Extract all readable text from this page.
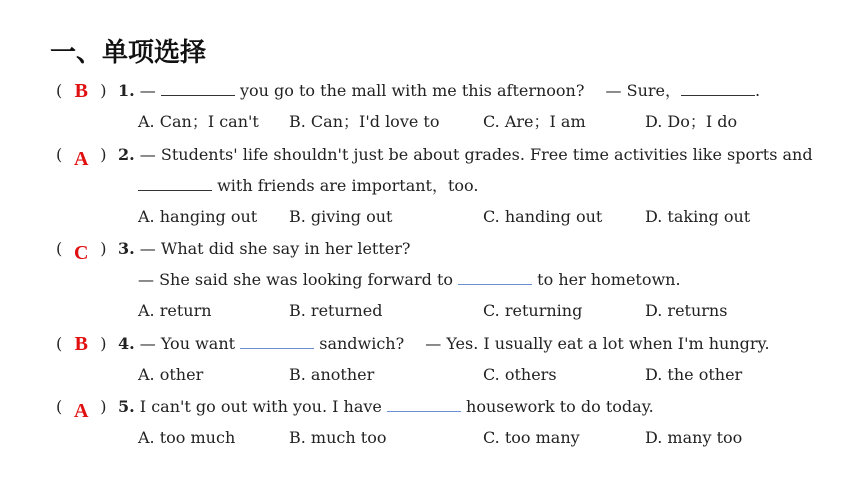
一、单项选择
( B ) 1. —	you go to the mall with me this afternoon?　 — Sure，	.
A. Can；I can't B. Can；I'd love to	C. Are；I am	D. Do；I do
( A ) 2. — Students' life shouldn't just be about grades. Free time activities like sports and
with friends are important，too.
A. hanging out B. giving out	C. handing out	D. taking out
( C ) 3. — What did she say in her letter?
— She said she was looking forward to	to her hometown.
A. return	B. returned	C. returning	D. returns
( B ) 4. — You want	sandwich?　 — Yes. I usually eat a lot when I'm hungry.
A. other	B. another	C. others	D. the other
( A ) 5. I can't go out with you. I have	housework to do today.
A. too much	B. much too	C. too many	D. many too
